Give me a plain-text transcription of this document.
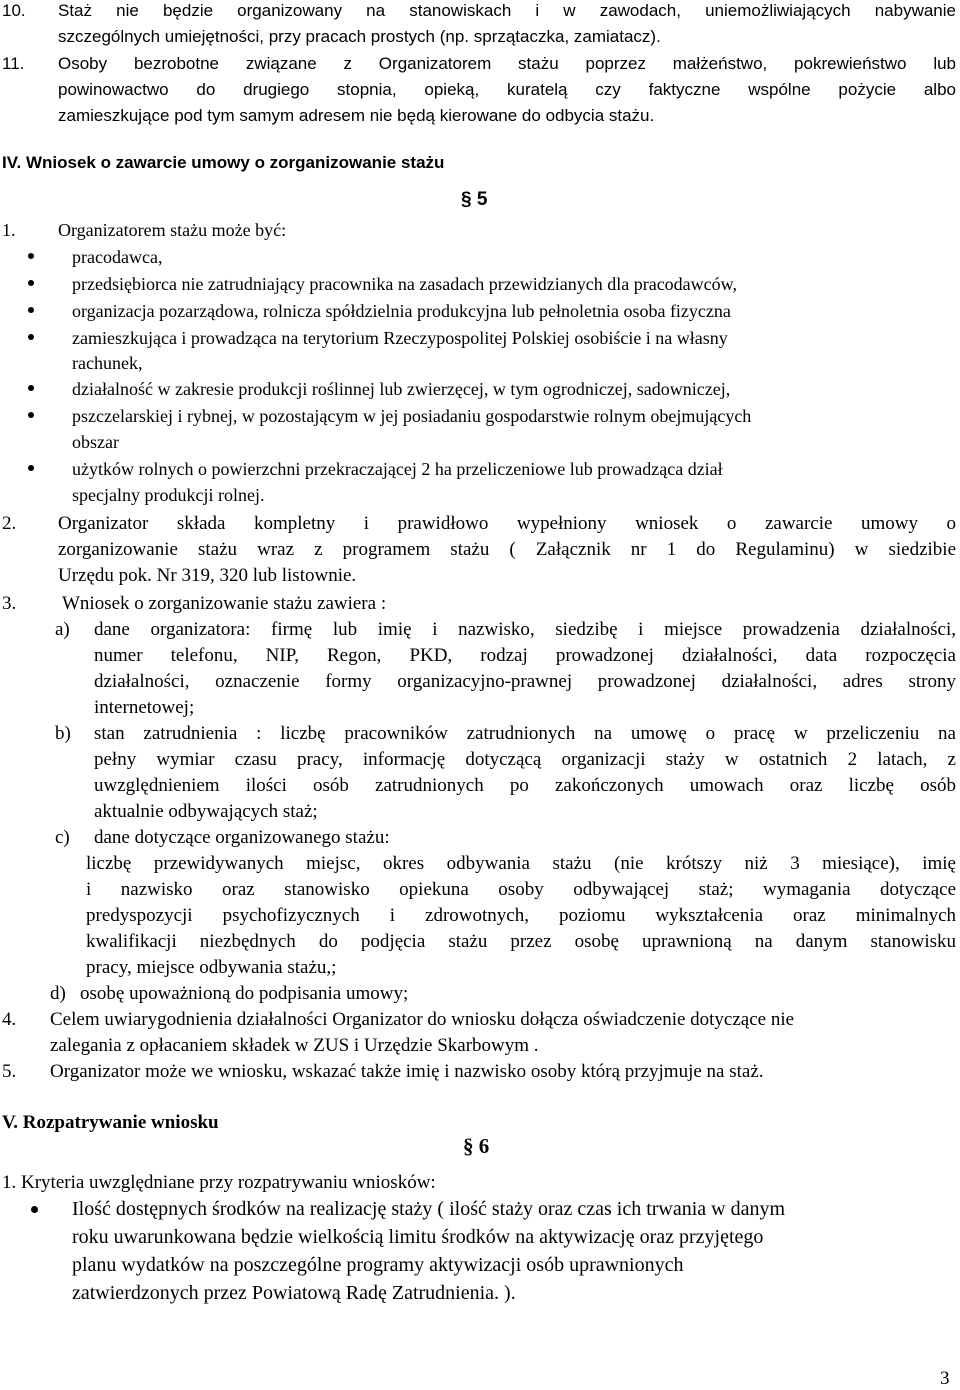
10. Staż nie będzie organizowany na stanowiskach i w zawodach, uniemożliwiających nabywanie
szczególnych umiejętności, przy pracach prostych (np. sprzątaczka, zamiatacz).
11. Osoby bezrobotne związane z Organizatorem stażu poprzez małżeństwo, pokrewieństwo lub
powinowactwo do drugiego stopnia, opieką, kuratelą czy faktyczne wspólne pożycie albo
zamieszkujące pod tym samym adresem nie będą kierowane do odbycia stażu.
IV. Wniosek o zawarcie umowy o zorganizowanie stażu
§ 5
1. Organizatorem stażu może być:
pracodawca,
przedsiębiorca nie zatrudniający pracownika na zasadach przewidzianych dla pracodawców,
organizacja pozarządowa, rolnicza spółdzielnia produkcyjna lub pełnoletnia osoba fizyczna
zamieszkująca i prowadząca na terytorium Rzeczypospolitej Polskiej osobiście i na własny
rachunek,
działalność w zakresie produkcji roślinnej lub zwierzęcej, w tym ogrodniczej, sadowniczej,
pszczelarskiej i rybnej, w pozostającym w jej posiadaniu gospodarstwie rolnym obejmujących
obszar
użytków rolnych o powierzchni przekraczającej 2 ha przeliczeniowe lub prowadząca dział
specjalny produkcji rolnej.
2. Organizator składa kompletny i prawidłowo wypełniony wniosek o zawarcie umowy o
zorganizowanie stażu wraz z programem stażu ( Załącznik nr 1 do Regulaminu) w siedzibie
Urzędu pok. Nr 319, 320 lub listownie.
3. Wniosek o zorganizowanie stażu zawiera :
a) dane organizatora: firmę lub imię i nazwisko, siedzibę i miejsce prowadzenia działalności,
numer telefonu, NIP, Regon, PKD, rodzaj prowadzonej działalności, data rozpoczęcia
działalności, oznaczenie formy organizacyjno-prawnej prowadzonej działalności, adres strony
internetowej;
b) stan zatrudnienia : liczbę pracowników zatrudnionych na umowę o pracę w przeliczeniu na
pełny wymiar czasu pracy, informację dotyczącą organizacji staży w ostatnich 2 latach, z
uwzględnieniem ilości osób zatrudnionych po zakończonych umowach oraz liczbę osób
aktualnie odbywających staż;
c) dane dotyczące organizowanego stażu:
liczbę przewidywanych miejsc, okres odbywania stażu (nie krótszy niż 3 miesiące), imię
i nazwisko oraz stanowisko opiekuna osoby odbywającej staż; wymagania dotyczące
predyspozycji psychofizycznych i zdrowotnych, poziomu wykształcenia oraz minimalnych
kwalifikacji niezbędnych do podjęcia stażu przez osobę uprawnioną na danym stanowisku
pracy, miejsce odbywania stażu,;
d) osobę upoważnioną do podpisania umowy;
4. Celem uwiarygodnienia działalności Organizator do wniosku dołącza oświadczenie dotyczące nie
zalegania z opłacaniem składek w ZUS i Urzędzie Skarbowym .
5. Organizator może we wniosku, wskazać także imię i nazwisko osoby którą przyjmuje na staż.
V. Rozpatrywanie wniosku
§ 6
1. Kryteria uwzględniane przy rozpatrywaniu wniosków:
Ilość dostępnych środków na realizację staży ( ilość staży oraz czas ich trwania w danym
roku uwarunkowana będzie wielkością limitu środków na aktywizację oraz przyjętego
planu wydatków na poszczególne programy aktywizacji osób uprawnionych
zatwierdzonych przez Powiatową Radę Zatrudnienia. ).
3
